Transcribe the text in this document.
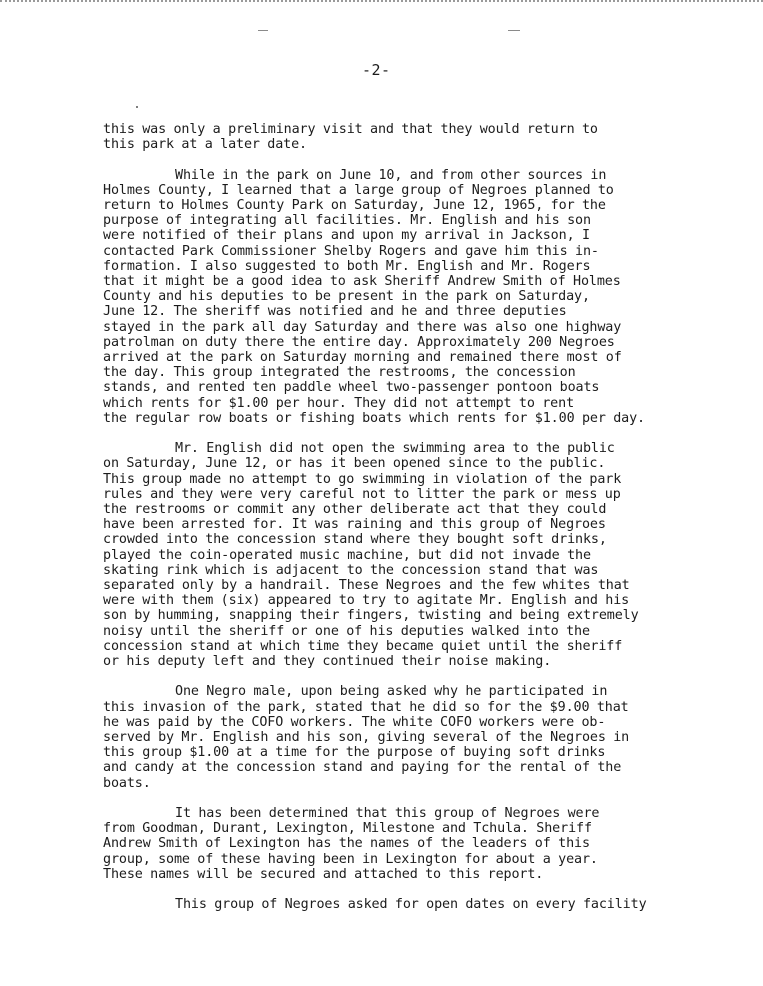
-2-

this was only a preliminary visit and that they would return to
this park at a later date.

While in the park on June 10, and from other sources in
Holmes County, I learned that a large group of Negroes planned to
return to Holmes County Park on Saturday, June 12, 1965, for the
purpose of integrating all facilities. Mr. English and his son
were notified of their plans and upon my arrival in Jackson, I
contacted Park Commissioner Shelby Rogers and gave him this in-
formation. I also suggested to both Mr. English and Mr. Rogers
that it might be a good idea to ask Sheriff Andrew Smith of Holmes
County and his deputies to be present in the park on Saturday,
June 12. The sheriff was notified and he and three deputies
stayed in the park all day Saturday and there was also one highway
patrolman on duty there the entire day. Approximately 200 Negroes
arrived at the park on Saturday morning and remained there most of
the day. This group integrated the restrooms, the concession
stands, and rented ten paddle wheel two-passenger pontoon boats
which rents for $1.00 per hour. They did not attempt to rent
the regular row boats or fishing boats which rents for $1.00 per day.

Mr. English did not open the swimming area to the public
on Saturday, June 12, or has it been opened since to the public.
This group made no attempt to go swimming in violation of the park
rules and they were very careful not to litter the park or mess up
the restrooms or commit any other deliberate act that they could
have been arrested for. It was raining and this group of Negroes
crowded into the concession stand where they bought soft drinks,
played the coin-operated music machine, but did not invade the
skating rink which is adjacent to the concession stand that was
separated only by a handrail. These Negroes and the few whites that
were with them (six) appeared to try to agitate Mr. English and his
son by humming, snapping their fingers, twisting and being extremely
noisy until the sheriff or one of his deputies walked into the
concession stand at which time they became quiet until the sheriff
or his deputy left and they continued their noise making.

One Negro male, upon being asked why he participated in
this invasion of the park, stated that he did so for the $9.00 that
he was paid by the COFO workers. The white COFO workers were ob-
served by Mr. English and his son, giving several of the Negroes in
this group $1.00 at a time for the purpose of buying soft drinks
and candy at the concession stand and paying for the rental of the
boats.

It has been determined that this group of Negroes were
from Goodman, Durant, Lexington, Milestone and Tchula. Sheriff
Andrew Smith of Lexington has the names of the leaders of this
group, some of these having been in Lexington for about a year.
These names will be secured and attached to this report.

This group of Negroes asked for open dates on every facility
